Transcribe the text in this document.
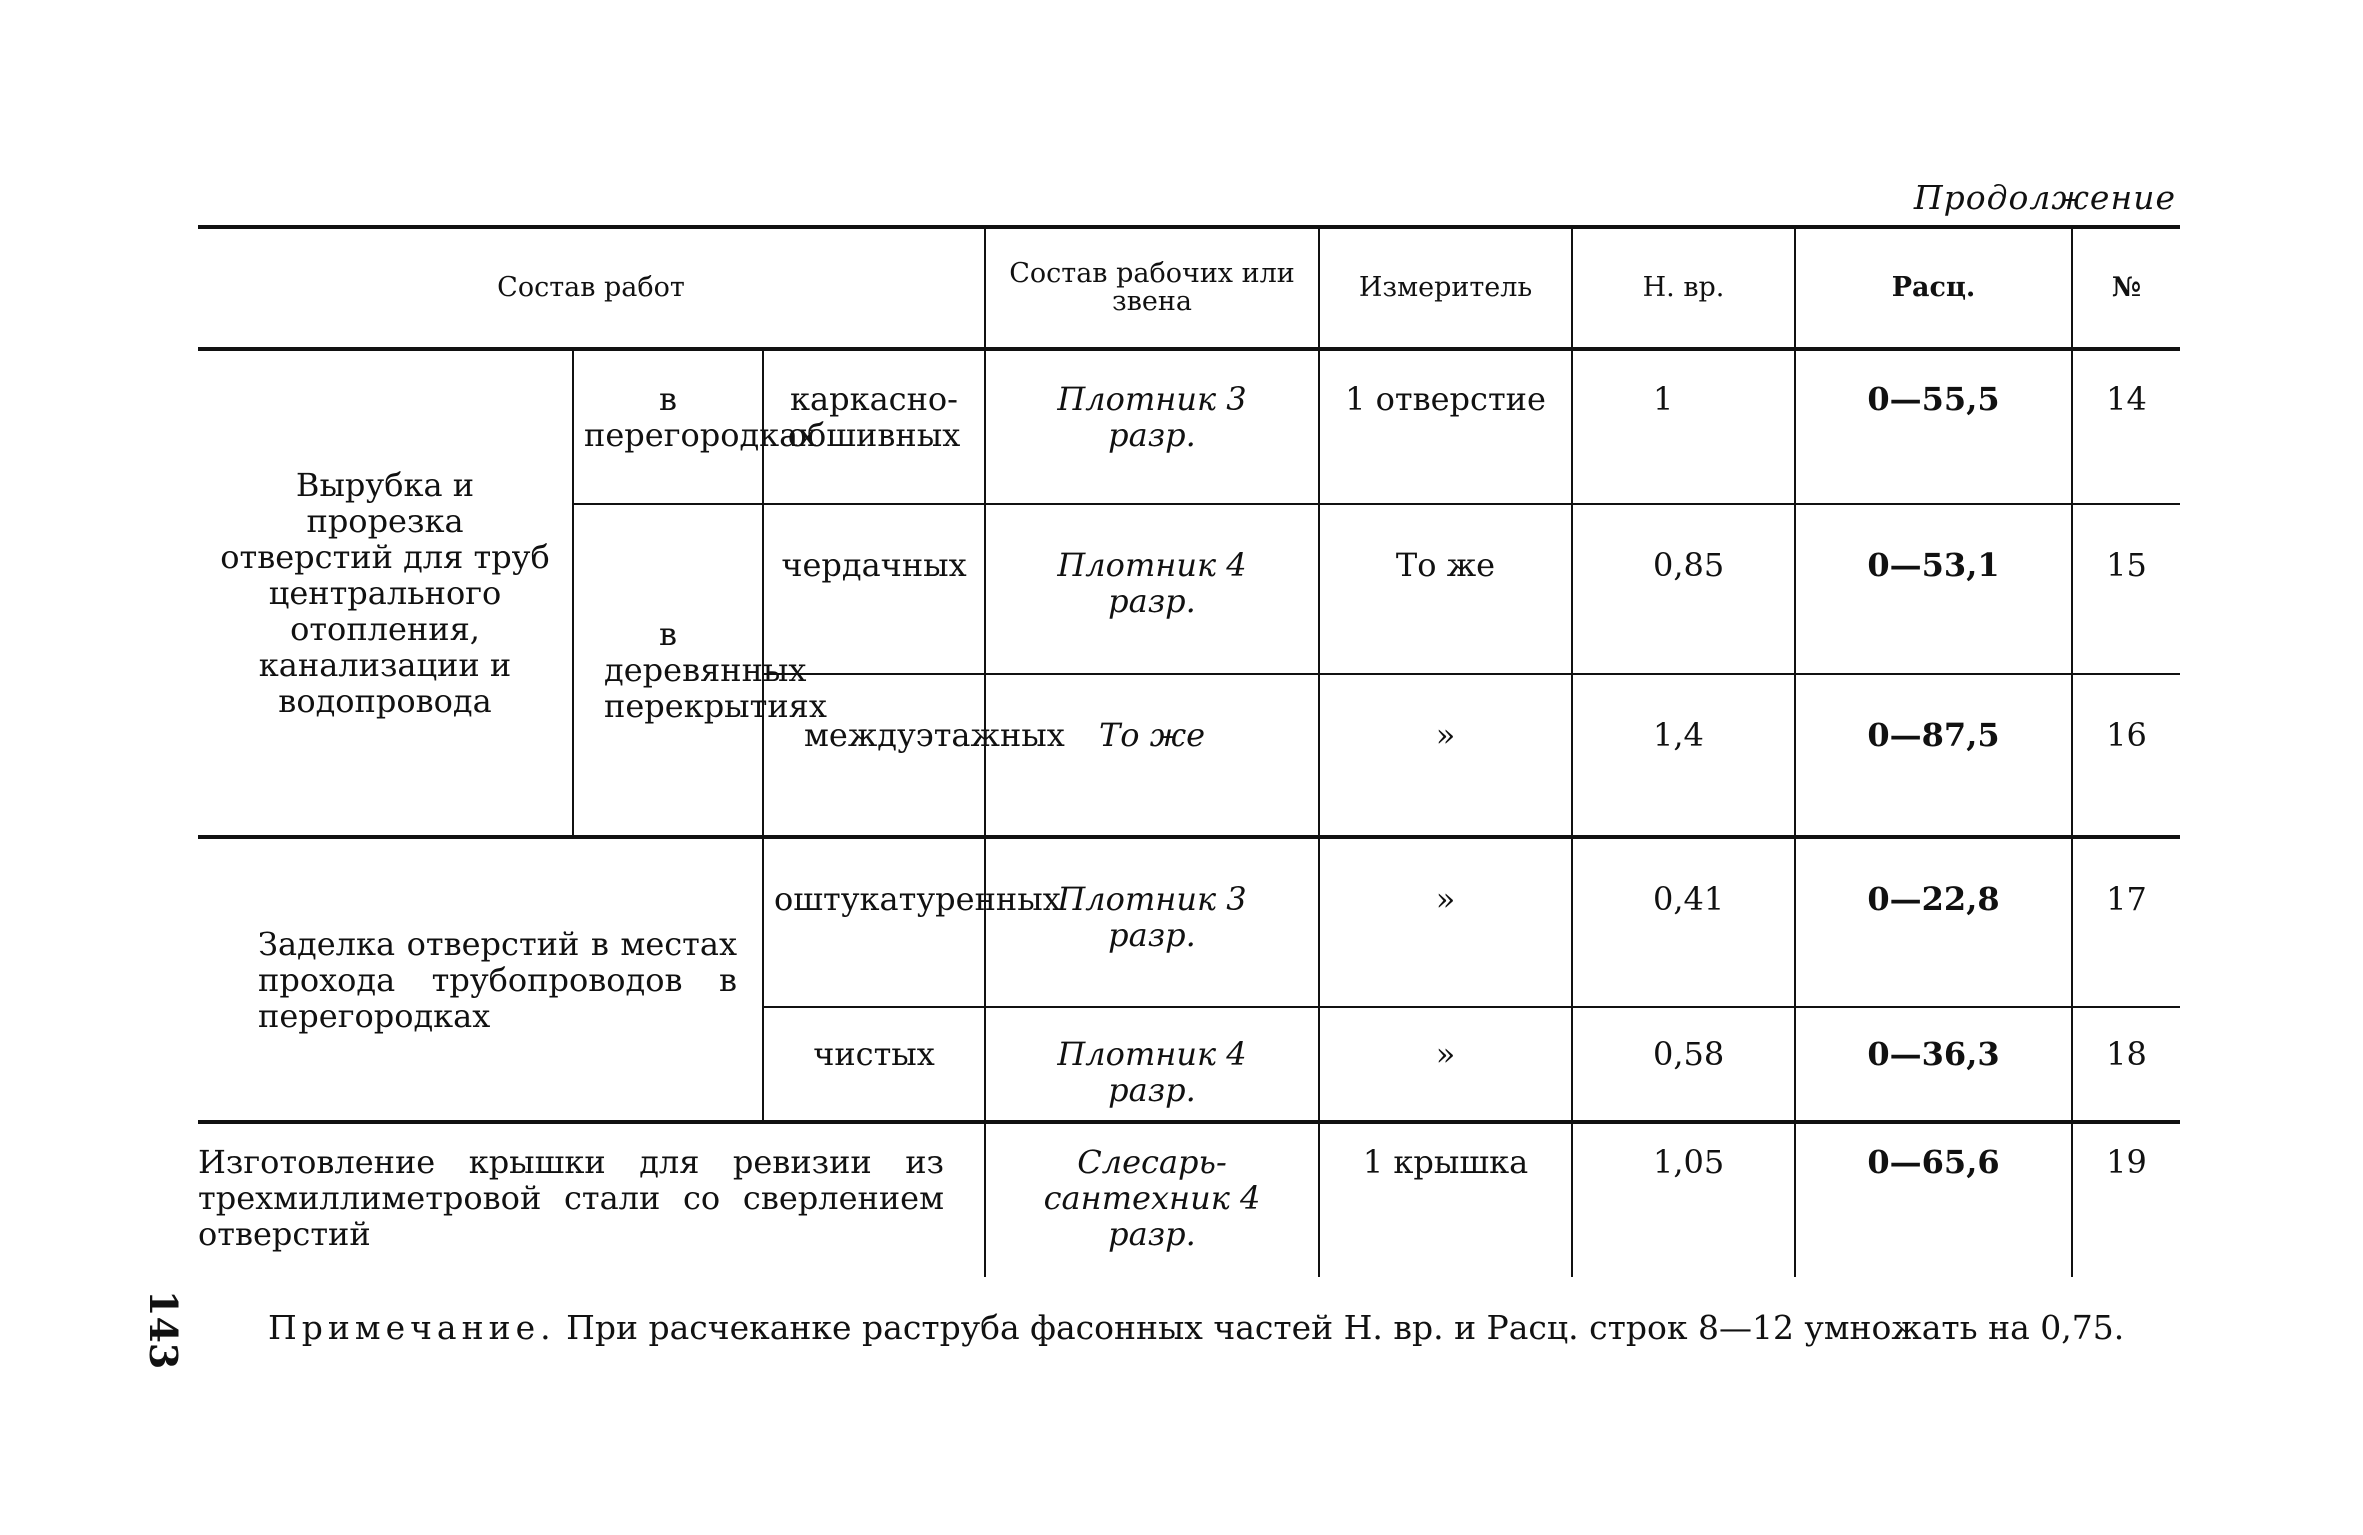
Продолжение
143
Состав работ			Состав рабочих или звена	Измеритель	Н. вр.	Расц.	№
Вырубка и прорезка отверстий для труб центрального отопления, канализации и водопровода	в перегородках	каркасно-обшивных	Плотник 3 разр.	1 отверстие	1	0—55,5	14
	в деревянных перекрытиях	чердачных	Плотник 4 разр.	То же	0,85	0—53,1	15
		междуэтажных	То же	»	1,4	0—87,5	16
Заделка отверстий в местах прохода трубопроводов в перегородках		оштукатуренных	Плотник 3 разр.	»	0,41	0—22,8	17
		чистых	Плотник 4 разр.	»	0,58	0—36,3	18
Изготовление крышки для ревизии из трехмиллиметровой стали со сверлением отверстий			Слесарь-сантехник 4 разр.	1 крышка	1,05	0—65,6	19
Примечание. При расчеканке раструба фасонных частей Н. вр. и Расц. строк 8—12 умножать на 0,75.
